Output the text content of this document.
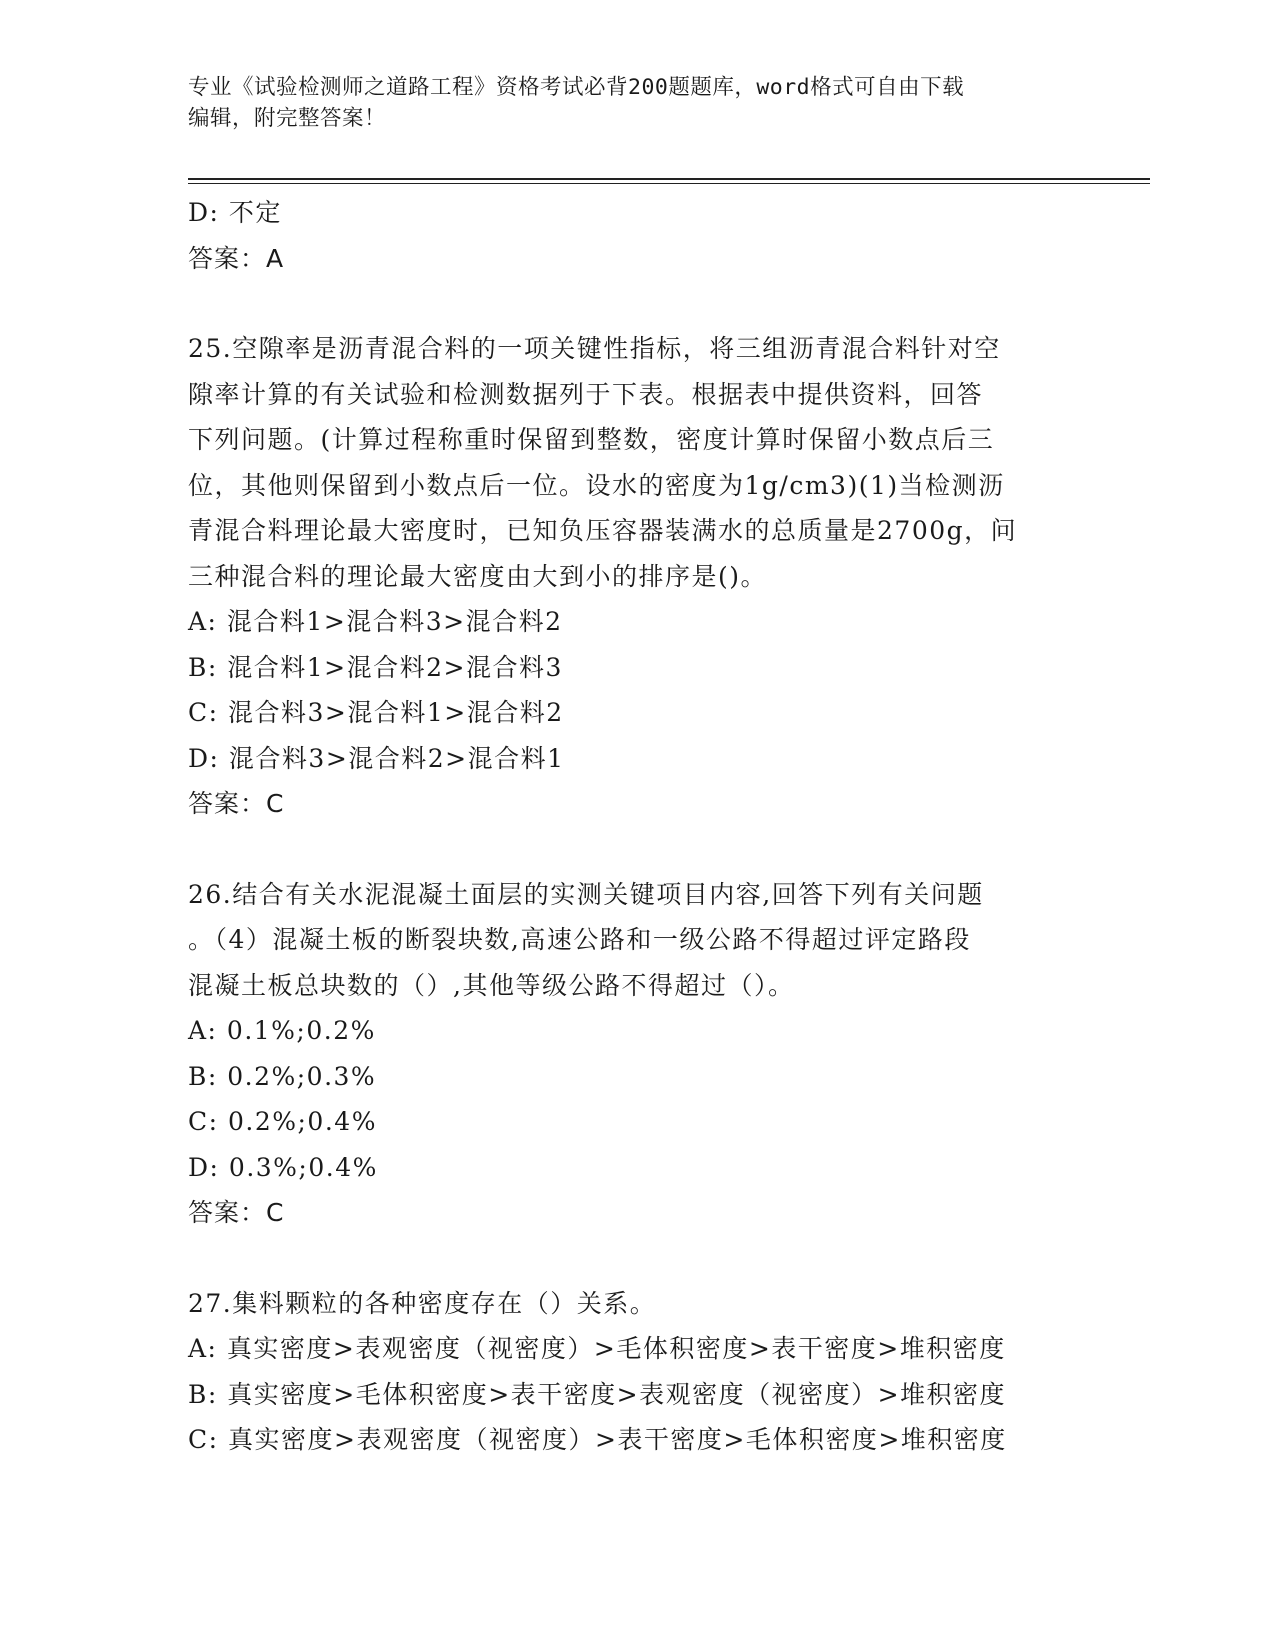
专业《试验检测师之道路工程》资格考试必背200题题库，word格式可自由下载
编辑，附完整答案！
D: 不定
答案：A
25.空隙率是沥青混合料的一项关键性指标，将三组沥青混合料针对空
隙率计算的有关试验和检测数据列于下表。根据表中提供资料，回答
下列问题。(计算过程称重时保留到整数，密度计算时保留小数点后三
位，其他则保留到小数点后一位。设水的密度为1g/cm3)(1)当检测沥
青混合料理论最大密度时，已知负压容器装满水的总质量是2700g，问
三种混合料的理论最大密度由大到小的排序是()。
A: 混合料1>混合料3>混合料2
B: 混合料1>混合料2>混合料3
C: 混合料3>混合料1>混合料2
D: 混合料3>混合料2>混合料1
答案：C
26.结合有关水泥混凝土面层的实测关键项目内容,回答下列有关问题
。（4）混凝土板的断裂块数,高速公路和一级公路不得超过评定路段
混凝土板总块数的（）,其他等级公路不得超过（）。
A: 0.1%;0.2%
B: 0.2%;0.3%
C: 0.2%;0.4%
D: 0.3%;0.4%
答案：C
27.集料颗粒的各种密度存在（）关系。
A: 真实密度>表观密度（视密度）>毛体积密度>表干密度>堆积密度
B: 真实密度>毛体积密度>表干密度>表观密度（视密度）>堆积密度
C: 真实密度>表观密度（视密度）>表干密度>毛体积密度>堆积密度
